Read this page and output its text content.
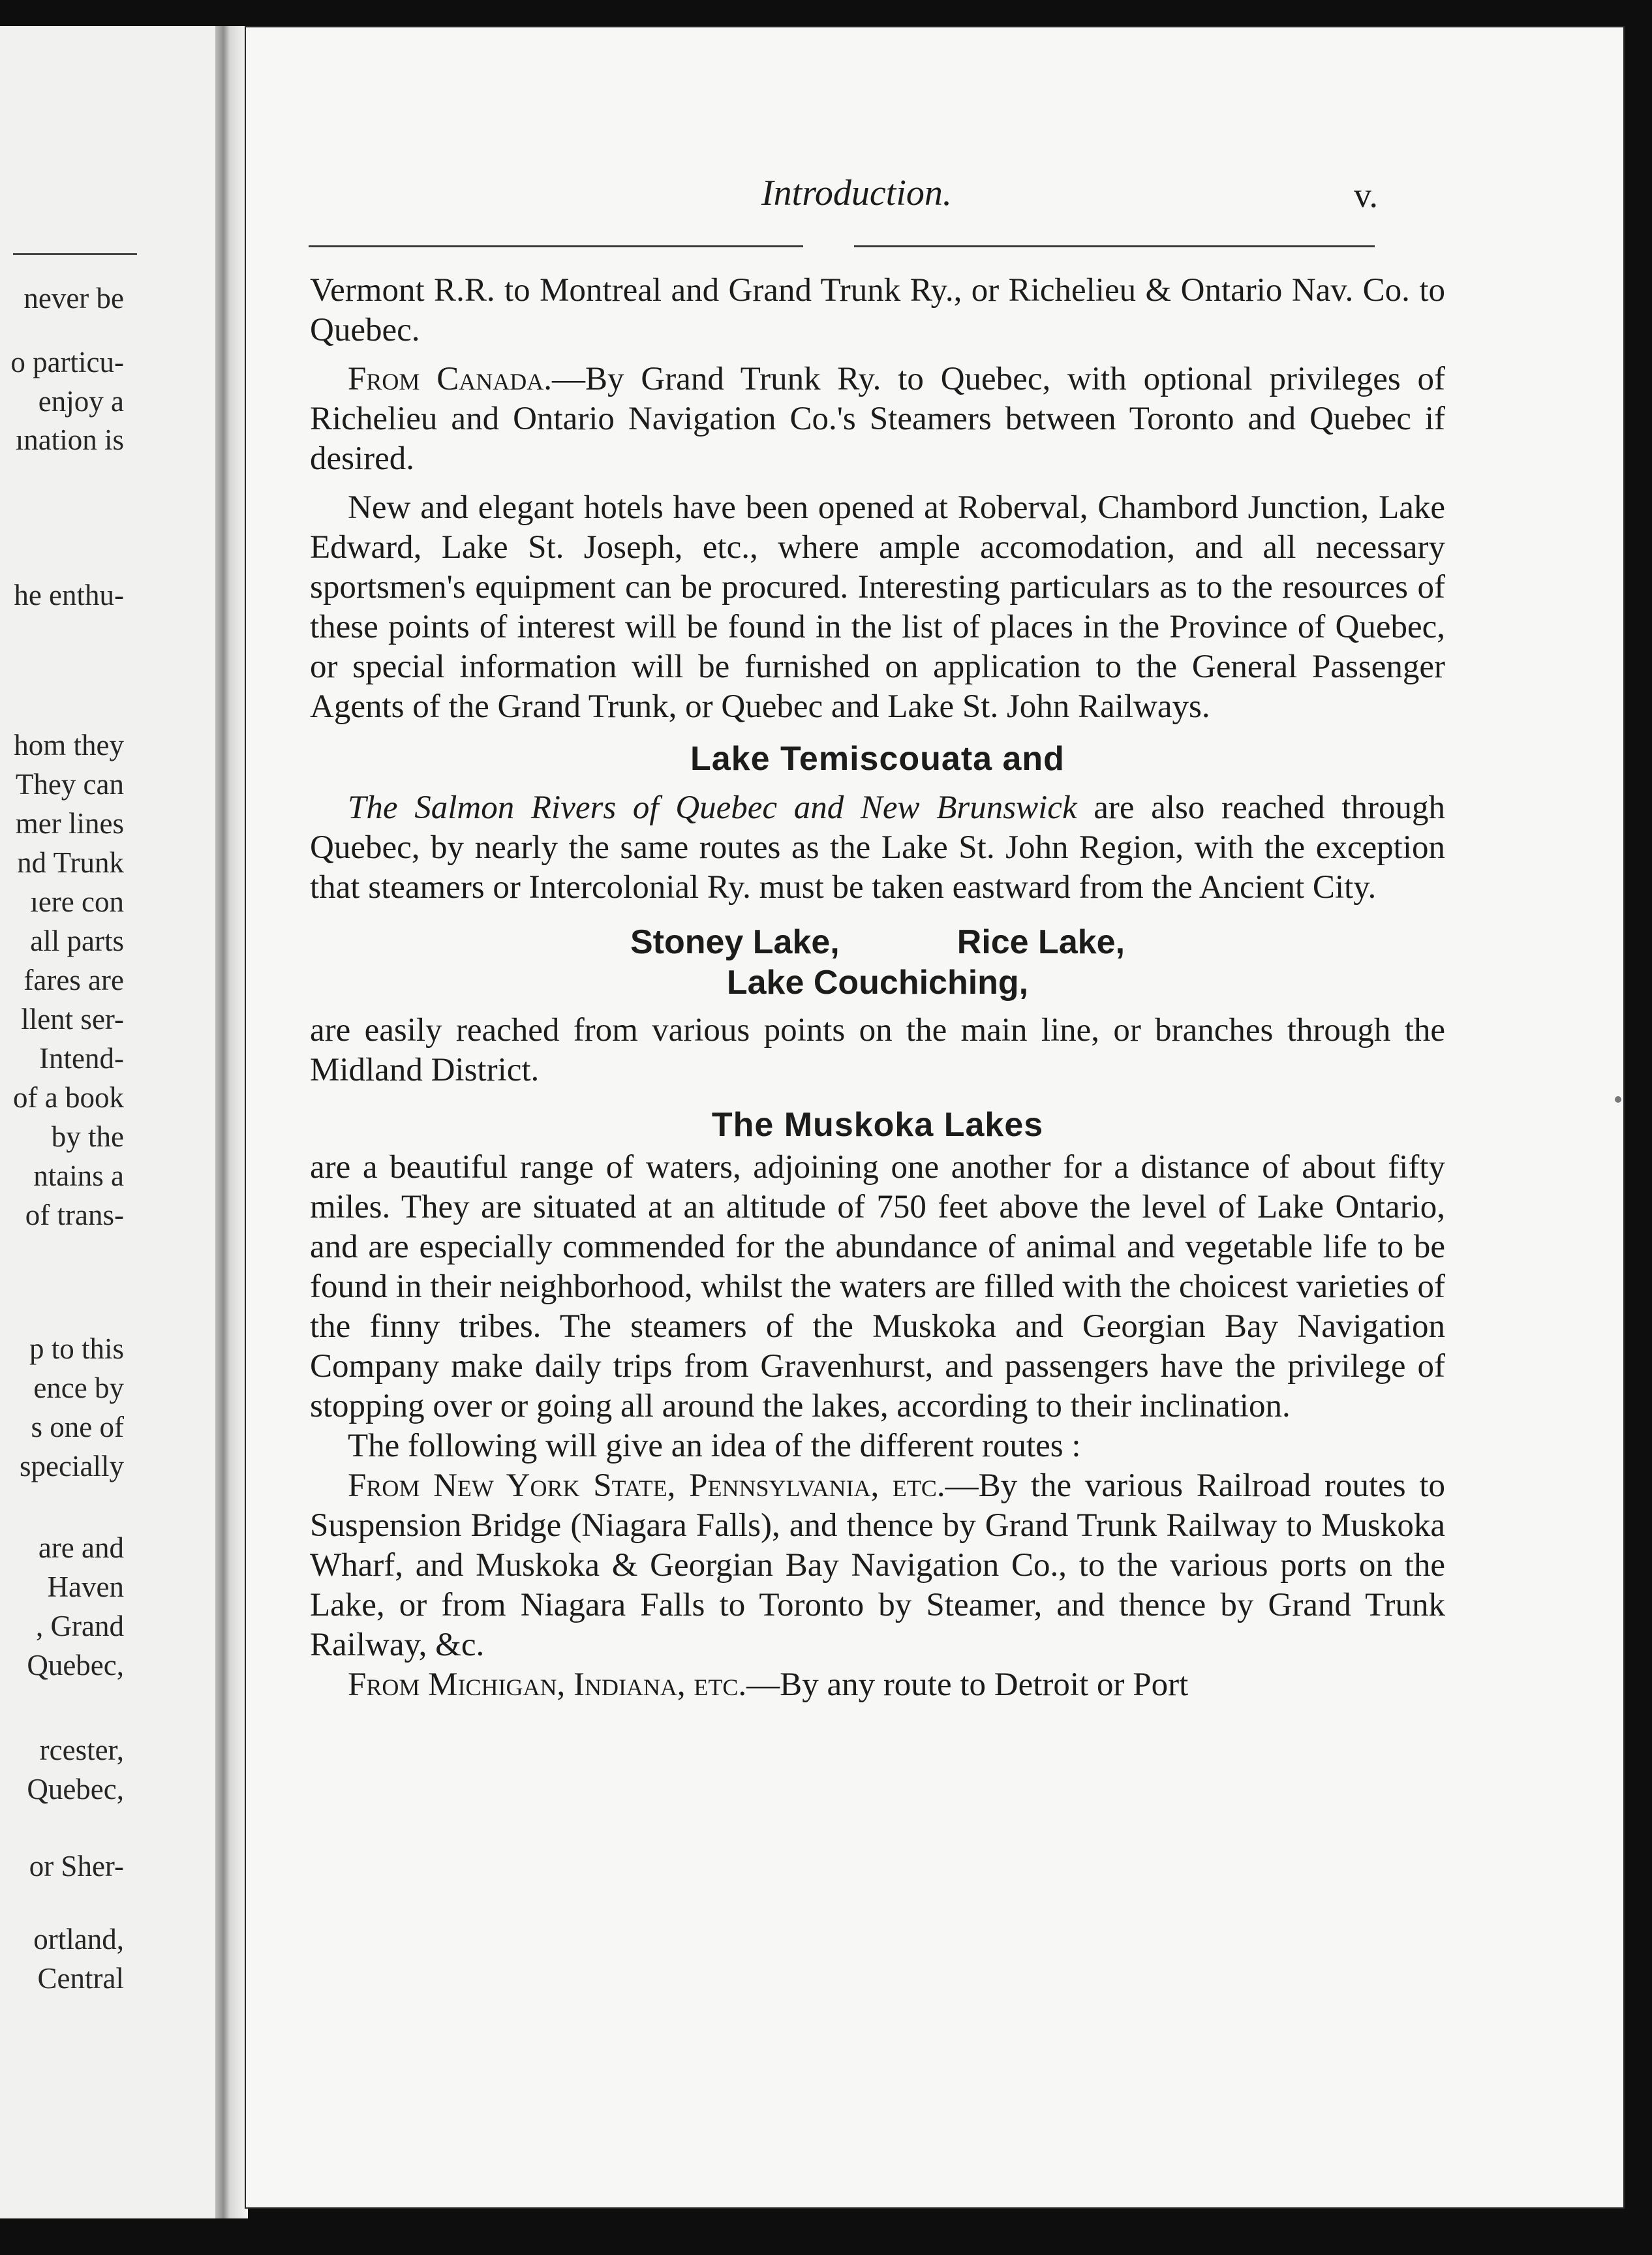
never be
o particu-
enjoy a
ınation is
he enthu-
hom they
They can
mer lines
nd Trunk
ıere con
all parts
fares are
llent ser-
Intend-
of a book
by the
ntains a
of trans-
p to this
ence by
s one of
specially
are and
Haven
, Grand
Quebec,
rcester,
Quebec,
or Sher-
ortland,
Central
Introduction.	v.

Vermont R.R. to Montreal and Grand Trunk Ry., or Richelieu & Ontario Nav. Co. to Quebec.

From Canada.—By Grand Trunk Ry. to Quebec, with optional privileges of Richelieu and Ontario Navigation Co.'s Steamers between Toronto and Quebec if desired.

New and elegant hotels have been opened at Roberval, Chambord Junction, Lake Edward, Lake St. Joseph, etc., where ample accomodation, and all necessary sportsmen's equipment can be procured. Interesting particulars as to the resources of these points of interest will be found in the list of places in the Province of Quebec, or special information will be furnished on application to the General Passenger Agents of the Grand Trunk, or Quebec and Lake St. John Railways.

Lake Temiscouata and

The Salmon Rivers of Quebec and New Brunswick are also reached through Quebec, by nearly the same routes as the Lake St. John Region, with the exception that steamers or Intercolonial Ry. must be taken eastward from the Ancient City.

Stoney Lake,	Rice Lake,
Lake Couchiching,

are easily reached from various points on the main line, or branches through the Midland District.

The Muskoka Lakes

are a beautiful range of waters, adjoining one another for a distance of about fifty miles. They are situated at an altitude of 750 feet above the level of Lake Ontario, and are especially commended for the abundance of animal and vegetable life to be found in their neighborhood, whilst the waters are filled with the choicest varieties of the finny tribes. The steamers of the Muskoka and Georgian Bay Navigation Company make daily trips from Gravenhurst, and passengers have the privilege of stopping over or going all around the lakes, according to their inclination.

The following will give an idea of the different routes :

From New York State, Pennsylvania, etc.—By the various Railroad routes to Suspension Bridge (Niagara Falls), and thence by Grand Trunk Railway to Muskoka Wharf, and Muskoka & Georgian Bay Navigation Co., to the various ports on the Lake, or from Niagara Falls to Toronto by Steamer, and thence by Grand Trunk Railway, &c.

From Michigan, Indiana, etc.—By any route to Detroit or Port
